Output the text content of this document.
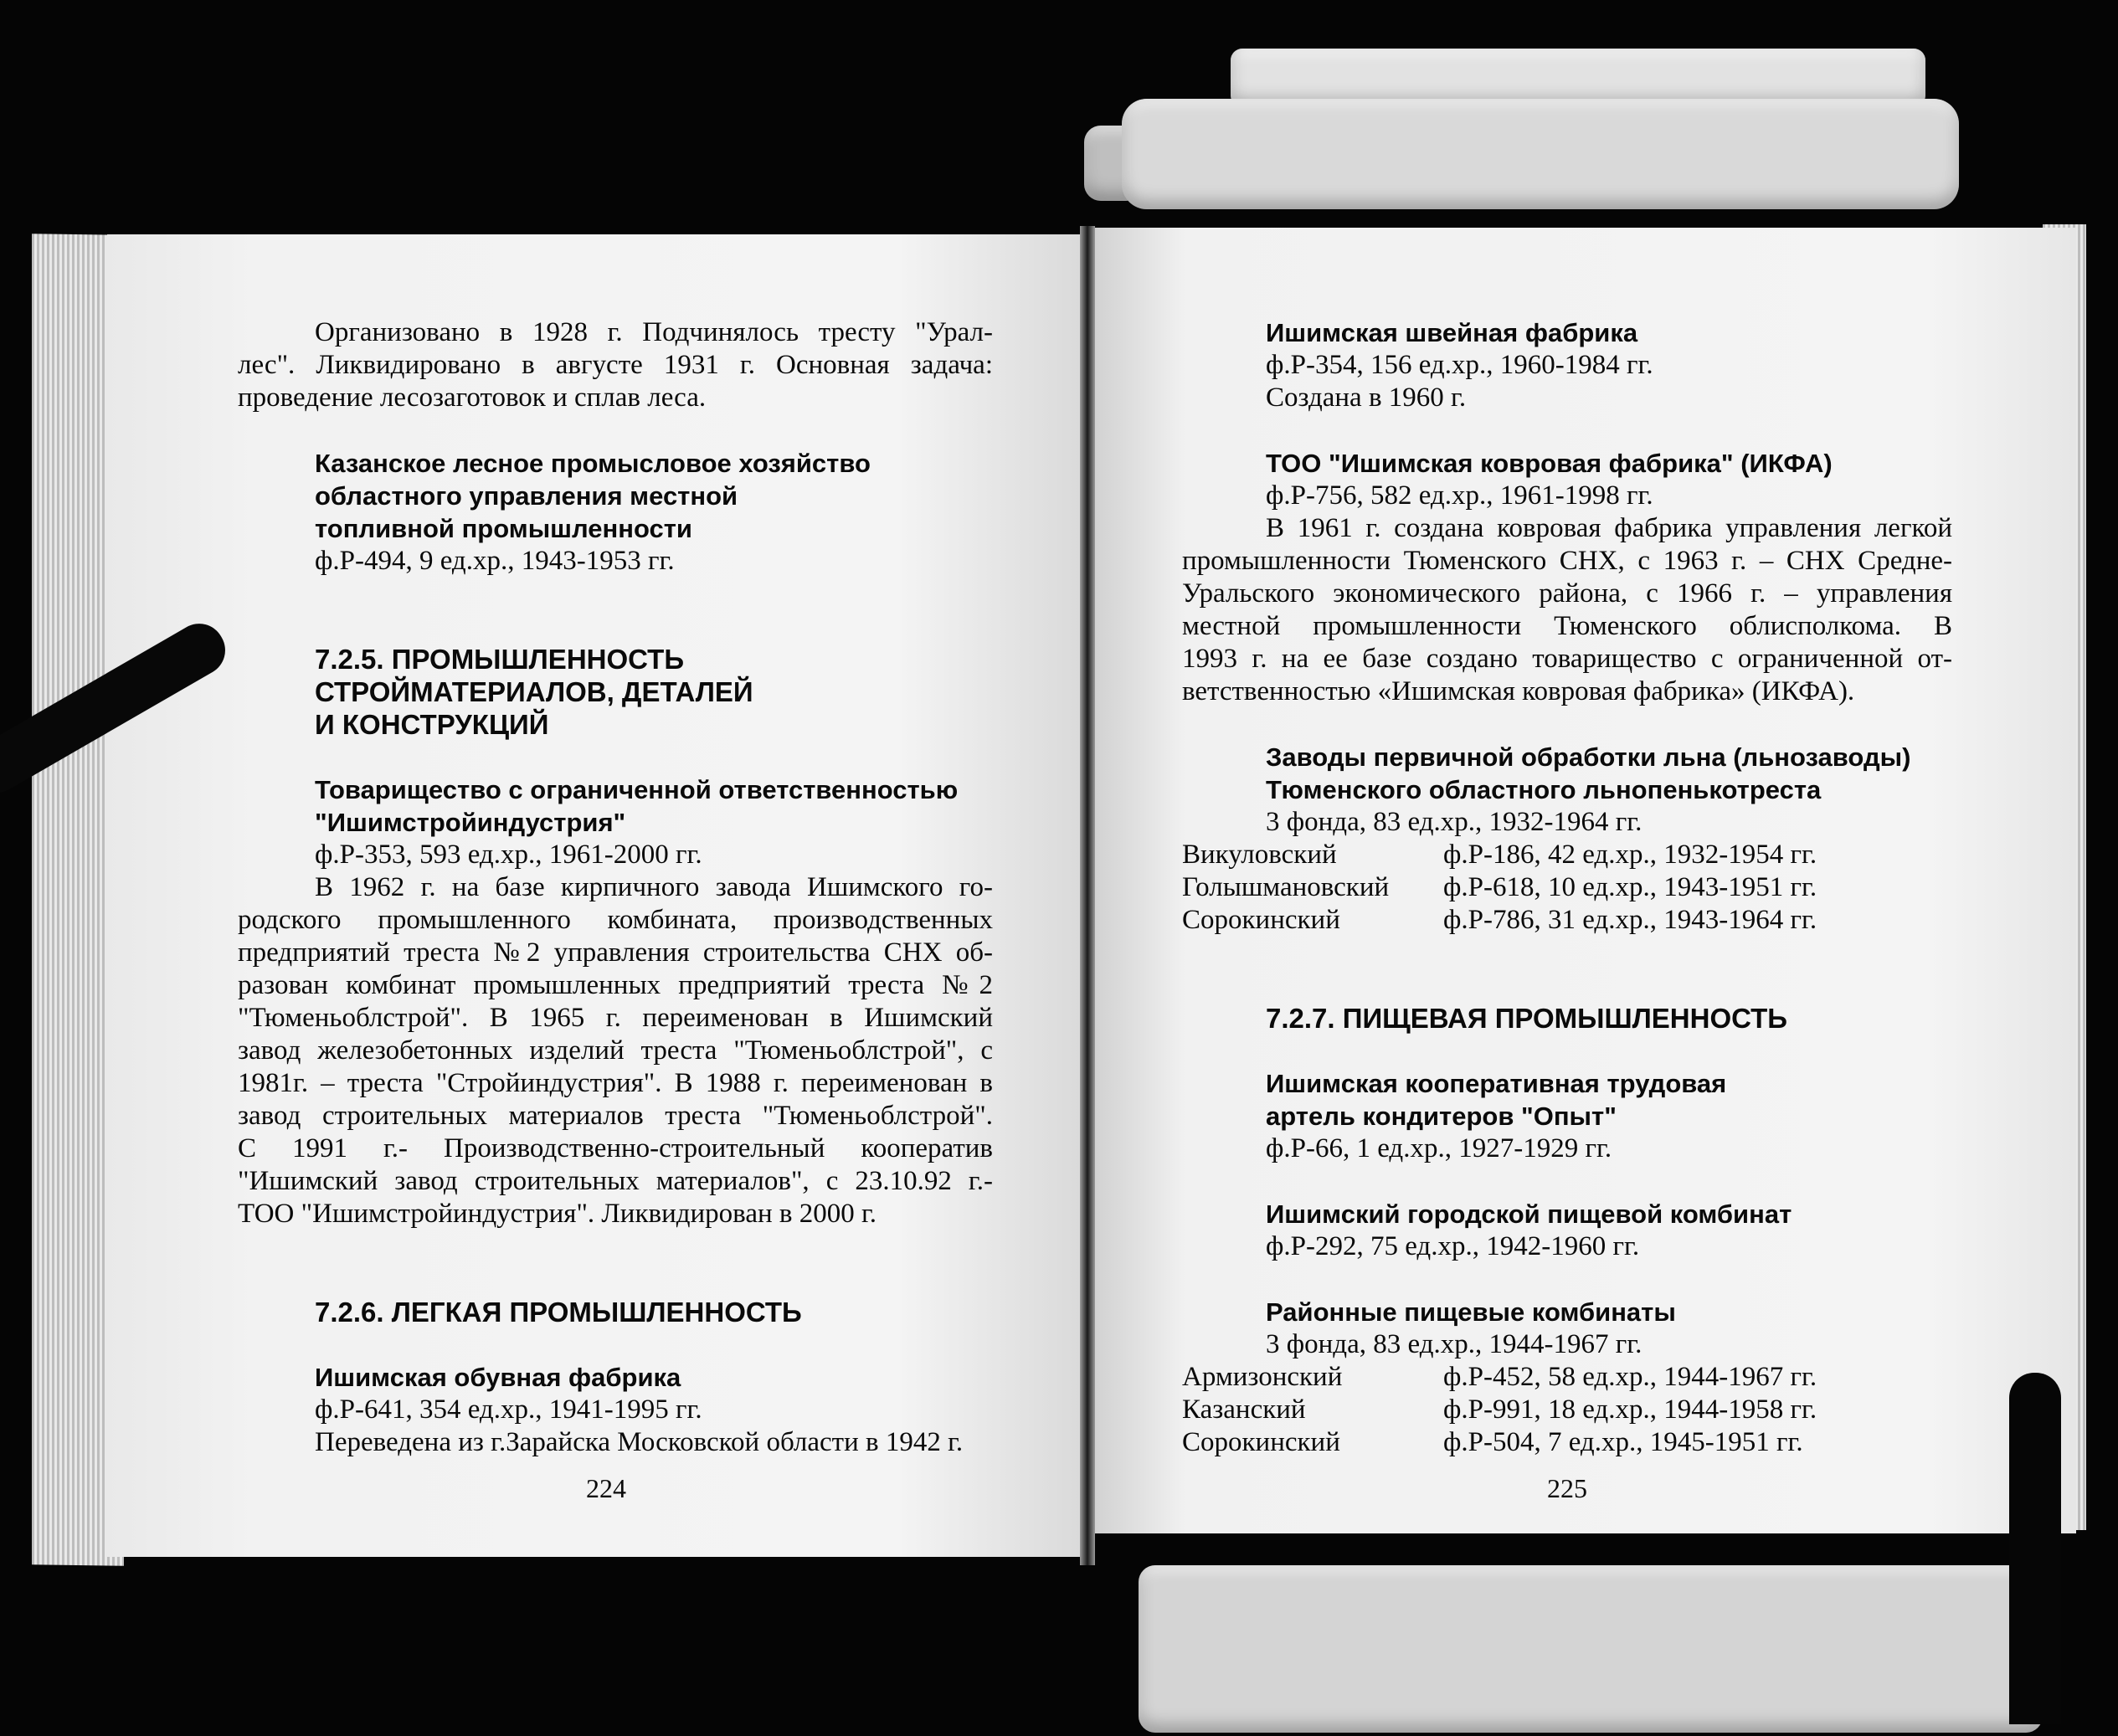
Организовано в 1928 г. Подчинялось тресту "Урал-
лес". Ликвидировано в августе 1931 г. Основная задача:
проведение лесозаготовок и сплав леса.
Казанское лесное промысловое хозяйство
областного управления местной
топливной промышленности
ф.Р-494, 9 ед.хр., 1943-1953 гг.
7.2.5. ПРОМЫШЛЕННОСТЬ
СТРОЙМАТЕРИАЛОВ, ДЕТАЛЕЙ
И КОНСТРУКЦИЙ
Товарищество с ограниченной ответственностью
"Ишимстройиндустрия"
ф.Р-353, 593 ед.хр., 1961-2000 гг.
В 1962 г. на базе кирпичного завода Ишимского го-
родского промышленного комбината, производственных
предприятий треста №2 управления строительства СНХ об-
разован комбинат промышленных предприятий треста №2
"Тюменьоблстрой". В 1965 г. переименован в Ишимский
завод железобетонных изделий треста "Тюменьоблстрой", с
1981г. – треста "Стройиндустрия". В 1988 г. переименован в
завод строительных материалов треста "Тюменьоблстрой".
С 1991 г.- Производственно-строительный кооператив
"Ишимский завод строительных материалов", с 23.10.92 г.-
ТОО "Ишимстройиндустрия". Ликвидирован в 2000 г.
7.2.6. ЛЕГКАЯ ПРОМЫШЛЕННОСТЬ
Ишимская обувная фабрика
ф.Р-641, 354 ед.хр., 1941-1995 гг.
Переведена из г.Зарайска Московской области в 1942 г.
Ишимская швейная фабрика
ф.Р-354, 156 ед.хр., 1960-1984 гг.
Создана в 1960 г.
ТОО "Ишимская ковровая фабрика" (ИКФА)
ф.Р-756, 582 ед.хр., 1961-1998 гг.
В 1961 г. создана ковровая фабрика управления легкой
промышленности Тюменского СНХ, с 1963 г. – СНХ Средне-
Уральского экономического района, с 1966 г. – управления
местной промышленности Тюменского облисполкома. В
1993 г. на ее базе создано товарищество с ограниченной от-
ветственностью «Ишимская ковровая фабрика» (ИКФА).
Заводы первичной обработки льна (льнозаводы)
Тюменского областного льнопенькотреста
3 фонда, 83 ед.хр., 1932-1964 гг.
Викуловский	ф.Р-186, 42 ед.хр., 1932-1954 гг.
Голышмановский	ф.Р-618, 10 ед.хр., 1943-1951 гг.
Сорокинский	ф.Р-786, 31 ед.хр., 1943-1964 гг.
7.2.7. ПИЩЕВАЯ ПРОМЫШЛЕННОСТЬ
Ишимская кооперативная трудовая
артель кондитеров "Опыт"
ф.Р-66, 1 ед.хр., 1927-1929 гг.
Ишимский городской пищевой комбинат
ф.Р-292, 75 ед.хр., 1942-1960 гг.
Районные пищевые комбинаты
3 фонда, 83 ед.хр., 1944-1967 гг.
Армизонский	ф.Р-452, 58 ед.хр., 1944-1967 гг.
Казанский	ф.Р-991, 18 ед.хр., 1944-1958 гг.
Сорокинский	ф.Р-504, 7 ед.хр., 1945-1951 гг.
224	225
